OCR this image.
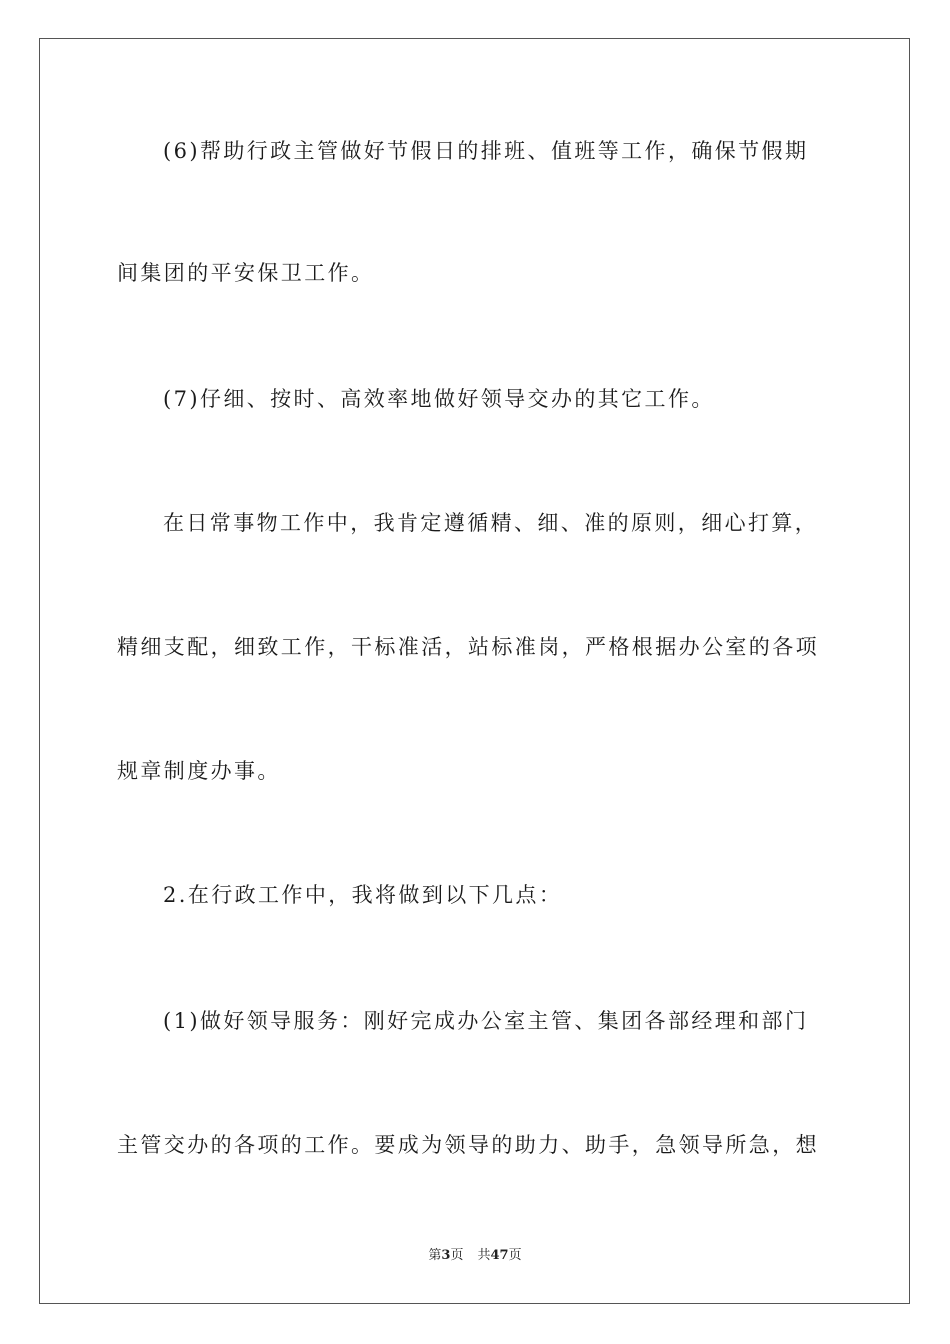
(6)帮助行政主管做好节假日的排班、值班等工作，确保节假期
间集团的平安保卫工作。
(7)仔细、按时、高效率地做好领导交办的其它工作。
在日常事物工作中，我肯定遵循精、细、准的原则，细心打算，
精细支配，细致工作，干标准活，站标准岗，严格根据办公室的各项
规章制度办事。
2.在行政工作中，我将做到以下几点：
(1)做好领导服务：刚好完成办公室主管、集团各部经理和部门
主管交办的各项的工作。要成为领导的助力、助手，急领导所急，想
第3页 共47页
